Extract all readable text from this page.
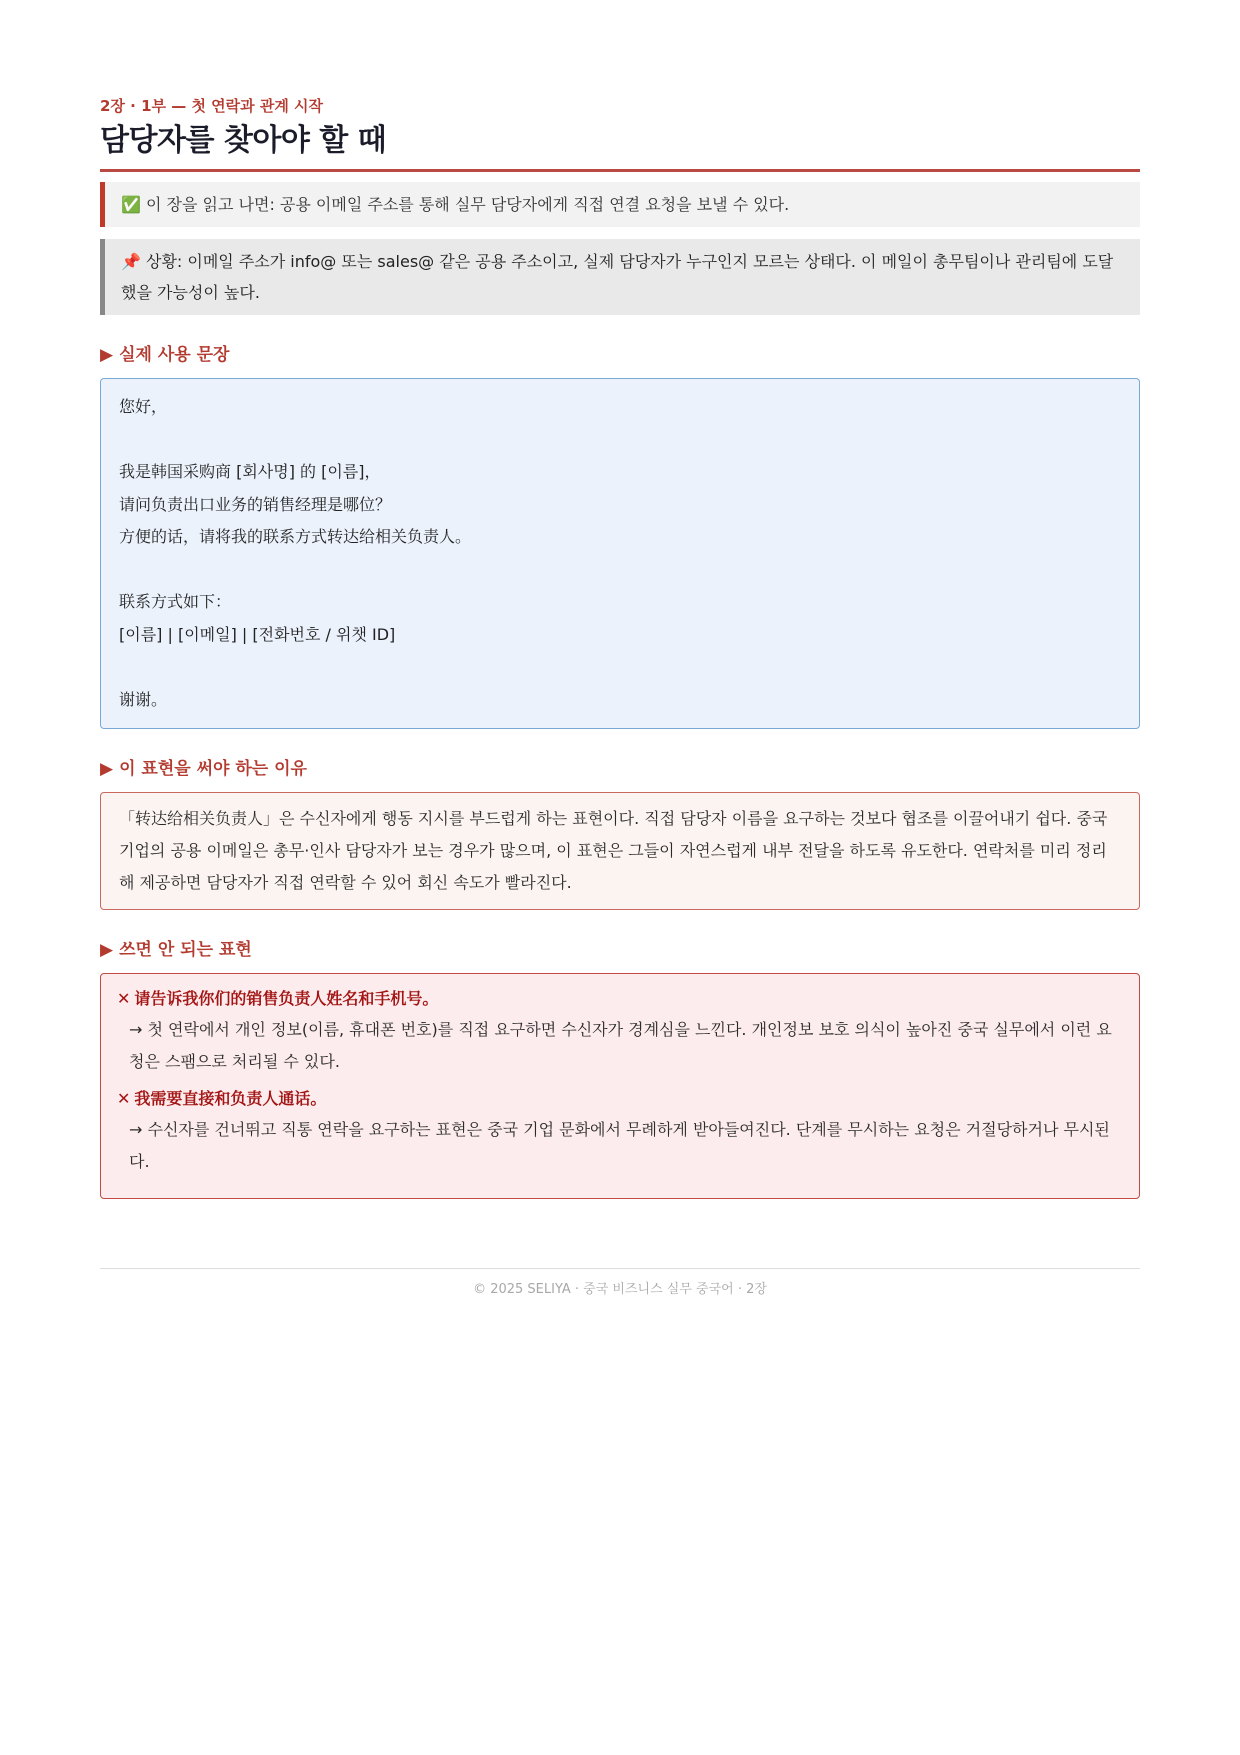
2장 · 1부 — 첫 연락과 관계 시작

담당자를 찾아야 할 때
✅ 이 장을 읽고 나면: 공용 이메일 주소를 통해 실무 담당자에게 직접 연결 요청을 보낼 수 있다.
📌 상황: 이메일 주소가 info@ 또는 sales@ 같은 공용 주소이고, 실제 담당자가 누구인지 모르는 상태다. 이 메일이 총무팀이나 관리팀에 도달했을 가능성이 높다.
▶ 실제 사용 문장
您好，
我是韩国采购商 [회사명] 的 [이름]，
请问负责出口业务的销售经理是哪位？
方便的话，请将我的联系方式转达给相关负责人。
联系方式如下：
[이름] | [이메일] | [전화번호 / 위챗 ID]
谢谢。
▶ 이 표현을 써야 하는 이유
「转达给相关负责人」은 수신자에게 행동 지시를 부드럽게 하는 표현이다. 직접 담당자 이름을 요구하는 것보다 협조를 이끌어내기 쉽다. 중국 기업의 공용 이메일은 총무·인사 담당자가 보는 경우가 많으며, 이 표현은 그들이 자연스럽게 내부 전달을 하도록 유도한다. 연락처를 미리 정리해 제공하면 담당자가 직접 연락할 수 있어 회신 속도가 빨라진다.
▶ 쓰면 안 되는 표현
✕ 请告诉我你们的销售负责人姓名和手机号。
→ 첫 연락에서 개인 정보(이름, 휴대폰 번호)를 직접 요구하면 수신자가 경계심을 느낀다. 개인정보 보호 의식이 높아진 중국 실무에서 이런 요청은 스팸으로 처리될 수 있다.
✕ 我需要直接和负责人通话。
→ 수신자를 건너뛰고 직통 연락을 요구하는 표현은 중국 기업 문화에서 무례하게 받아들여진다. 단계를 무시하는 요청은 거절당하거나 무시된다.
© 2025 SELIYA · 중국 비즈니스 실무 중국어 · 2장
